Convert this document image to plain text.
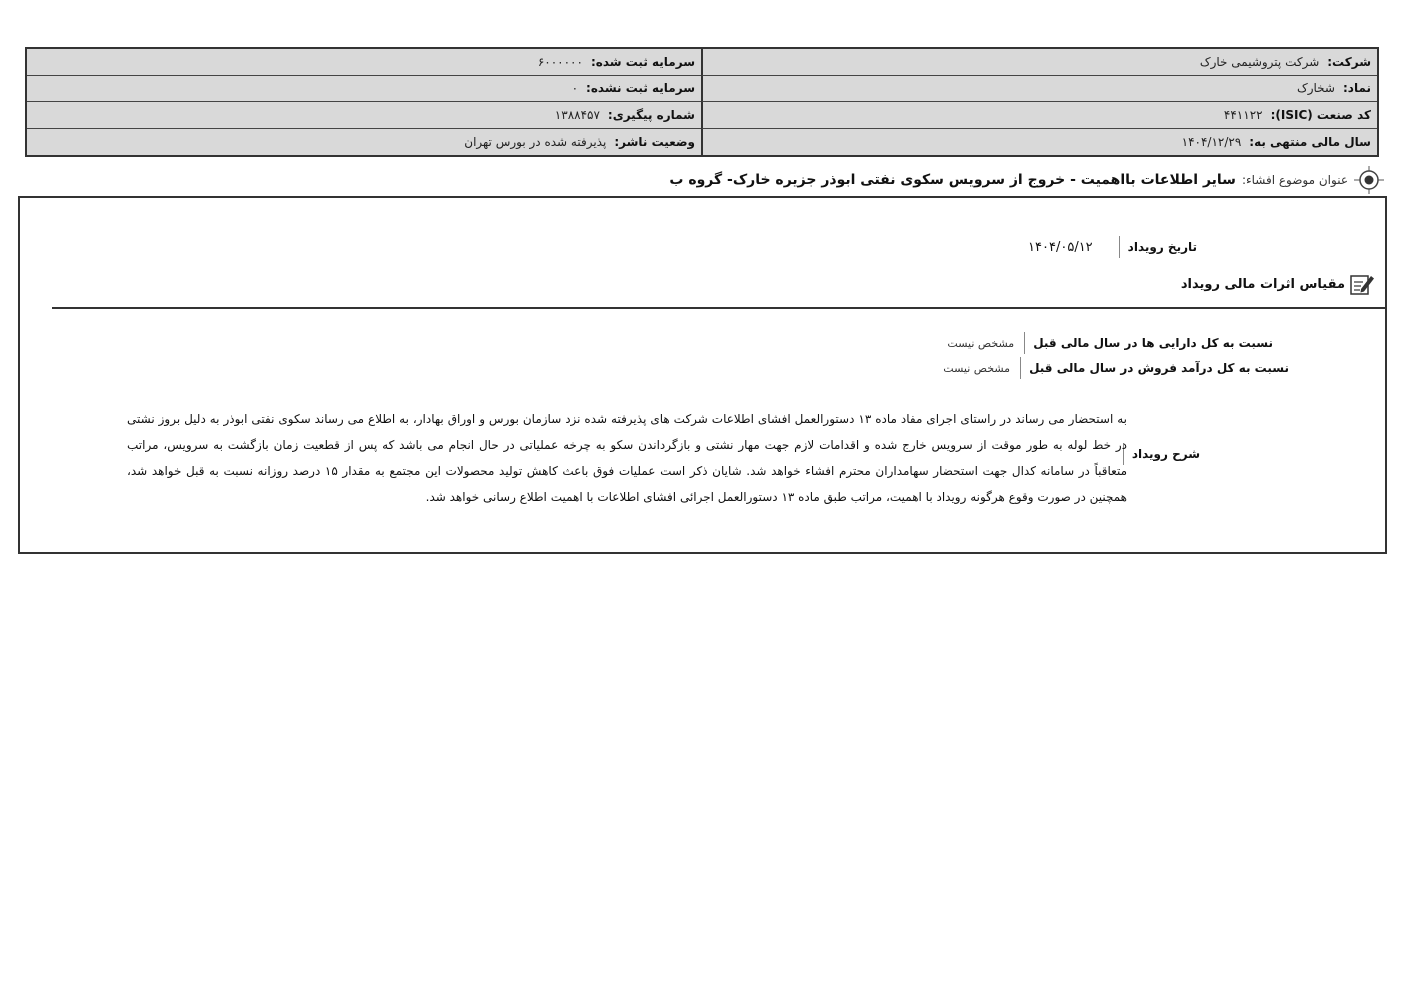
شرکت:
شرکت پتروشیمی خارک
سرمایه ثبت شده:
۶۰۰۰۰۰۰
نماد:
شخارک
سرمایه ثبت نشده:
۰
کد صنعت (ISIC):
۴۴۱۱۲۲
شماره پیگیری:
۱۳۸۸۴۵۷
سال مالی منتهی به:
۱۴۰۴/۱۲/۲۹
وضعیت ناشر:
پذیرفته شده در بورس تهران
عنوان موضوع افشاء:
سایر اطلاعات بااهمیت - خروج از سرویس سکوی نفتی ابوذر جزیره خارک- گروه ب
تاریخ رویداد
۱۴۰۴/۰۵/۱۲
مقیاس اثرات مالی رویداد
نسبت به کل دارایی ها در سال مالی قبل
مشخص نیست
نسبت به کل درآمد فروش در سال مالی قبل
مشخص نیست
شرح رویداد
به استحضار می رساند در راستای اجرای مفاد ماده ۱۳ دستورالعمل افشای اطلاعات شرکت های پذیرفته شده نزد سازمان بورس و اوراق بهادار، به اطلاع می رساند سکوی نفتی ابوذر به دلیل بروز نشتی در خط لوله به طور موقت از سرویس خارج شده و اقدامات لازم جهت مهار نشتی و بازگرداندن سکو به چرخه عملیاتی در حال انجام می باشد که پس از قطعیت زمان بازگشت به سرویس، مراتب متعاقباً در سامانه کدال جهت استحضار سهامداران محترم افشاء خواهد شد. شایان ذکر است عملیات فوق باعث کاهش تولید محصولات این مجتمع به مقدار ۱۵ درصد روزانه نسبت به قبل خواهد شد، همچنین در صورت وقوع هرگونه رویداد با اهمیت، مراتب طبق ماده ۱۳ دستورالعمل اجرائی افشای اطلاعات با اهمیت اطلاع رسانی خواهد شد.
